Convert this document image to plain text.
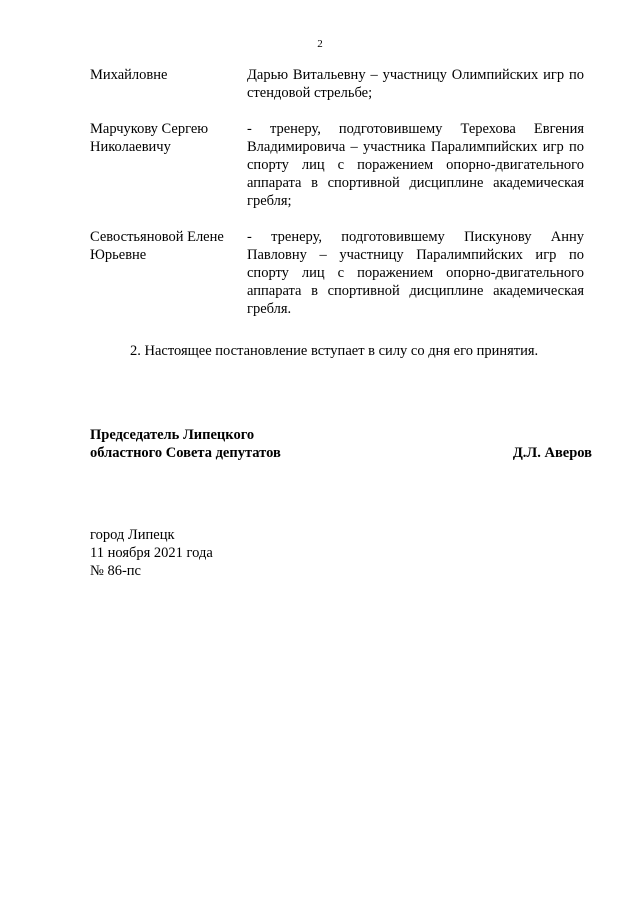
2
Михайловне	Дарью Витальевну – участницу Олимпийских игр по стендовой стрельбе;
Марчукову Сергею Николаевичу
- тренеру, подготовившему Терехова Евгения Владимировича – участника Паралимпийских игр по спорту лиц с поражением опорно-двигательного аппарата в спортивной дисциплине академическая гребля;
Севостьяновой Елене Юрьевне
- тренеру, подготовившему Пискунову Анну Павловну – участницу Паралимпийских игр по спорту лиц с поражением опорно-двигательного аппарата в спортивной дисциплине академическая гребля.
2. Настоящее постановление вступает в силу со дня его принятия.
Председатель Липецкого
областного Совета депутатов	Д.Л. Аверов
город Липецк
11 ноября 2021 года
№ 86-пс
